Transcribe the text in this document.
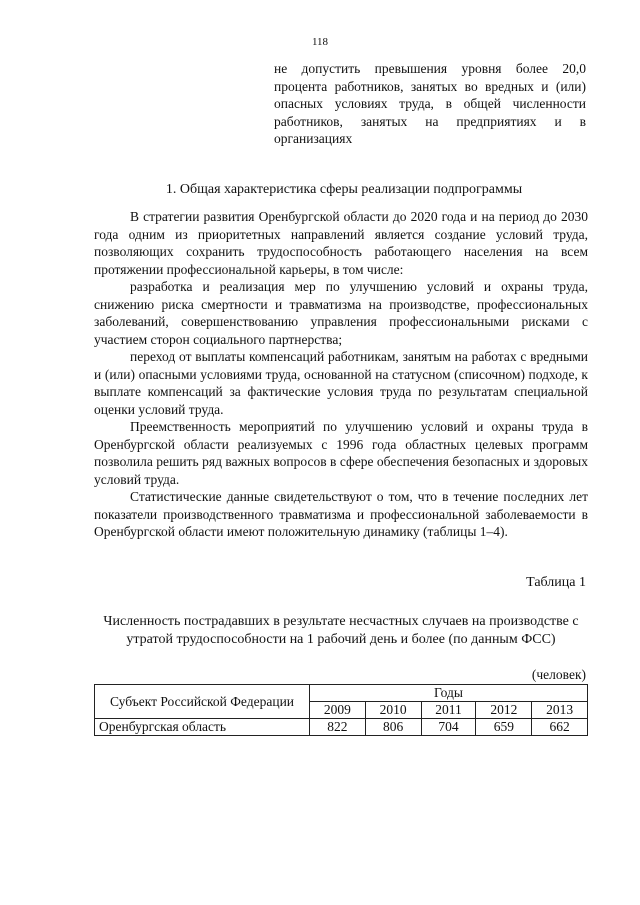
118
не допустить превышения уровня более 20,0 процента работников, занятых во вредных и (или) опасных условиях труда, в общей численности работников, занятых на предприятиях и в организациях
1. Общая характеристика сферы реализации подпрограммы

В стратегии развития Оренбургской области до 2020 года и на период до 2030 года одним из приоритетных направлений является создание условий труда, позволяющих сохранить трудоспособность работающего населения на всем протяжении профессиональной карьеры, в том числе:

разработка и реализация мер по улучшению условий и охраны труда, снижению риска смертности и травматизма на производстве, профессиональных заболеваний, совершенствованию управления профессиональными рисками с участием сторон социального партнерства;

переход от выплаты компенсаций работникам, занятым на работах с вредными и (или) опасными условиями труда, основанной на статусном (списочном) подходе, к выплате компенсаций за фактические условия труда по результатам специальной оценки условий труда.

Преемственность мероприятий по улучшению условий и охраны труда в Оренбургской области реализуемых с 1996 года областных целевых программ позволила решить ряд важных вопросов в сфере обеспечения безопасных и здоровых условий труда.

Статистические данные свидетельствуют о том, что в течение последних лет показатели производственного травматизма и профессиональной заболеваемости в Оренбургской области имеют положительную динамику (таблицы 1–4).

Таблица 1
Численность пострадавших в результате несчастных случаев на производстве с утратой трудоспособности на 1 рабочий день и более (по данным ФСС)
(человек)
Субъект Российской Федерации	Годы				
	2009	2010	2011	2012	2013
Оренбургская область	822	806	704	659	662
